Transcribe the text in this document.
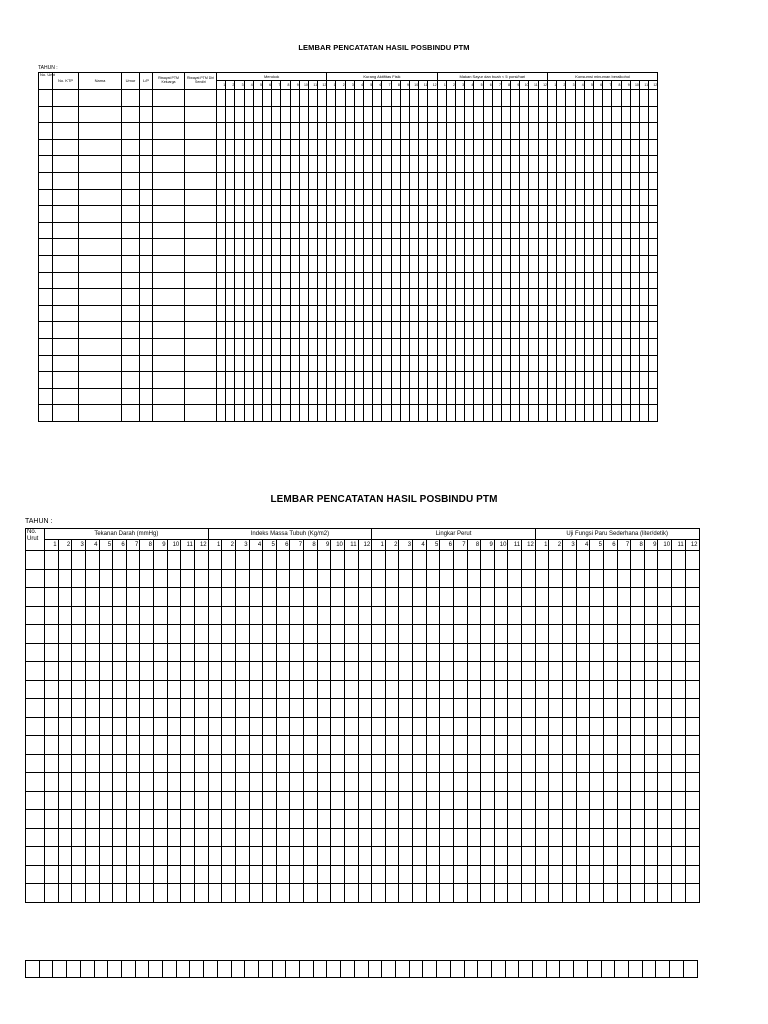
LEMBAR PENCATATAN HASIL POSBINDU PTM
TAHUN :
No. Urut	No. KTP	Nama	Umur	L/P	Riwayat PTM Keluarga	Riwayat PTM Diri Sendiri	Merokok												Kurang Aktifitas Fisik												Makan Sayur dan buah < 5 porsi/hari												Konsumsi minuman beralkohol											
							1	2	3	4	5	6	7	8	9	10	11	12	1	2	3	4	5	6	7	8	9	10	11	12	1	2	3	4	5	6	7	8	9	10	11	12	1	2	3	4	5	6	7	8	9	10	11	12

LEMBAR PENCATATAN HASIL POSBINDU PTM
TAHUN :
No. Urut	Tekanan Darah (mmHg)												Indeks Massa Tubuh (Kg/m2)												Lingkar Perut												Uji Fungsi Paru Sederhana (liter/detik)											
	1	2	3	4	5	6	7	8	9	10	11	12	1	2	3	4	5	6	7	8	9	10	11	12	1	2	3	4	5	6	7	8	9	10	11	12	1	2	3	4	5	6	7	8	9	10	11	12
